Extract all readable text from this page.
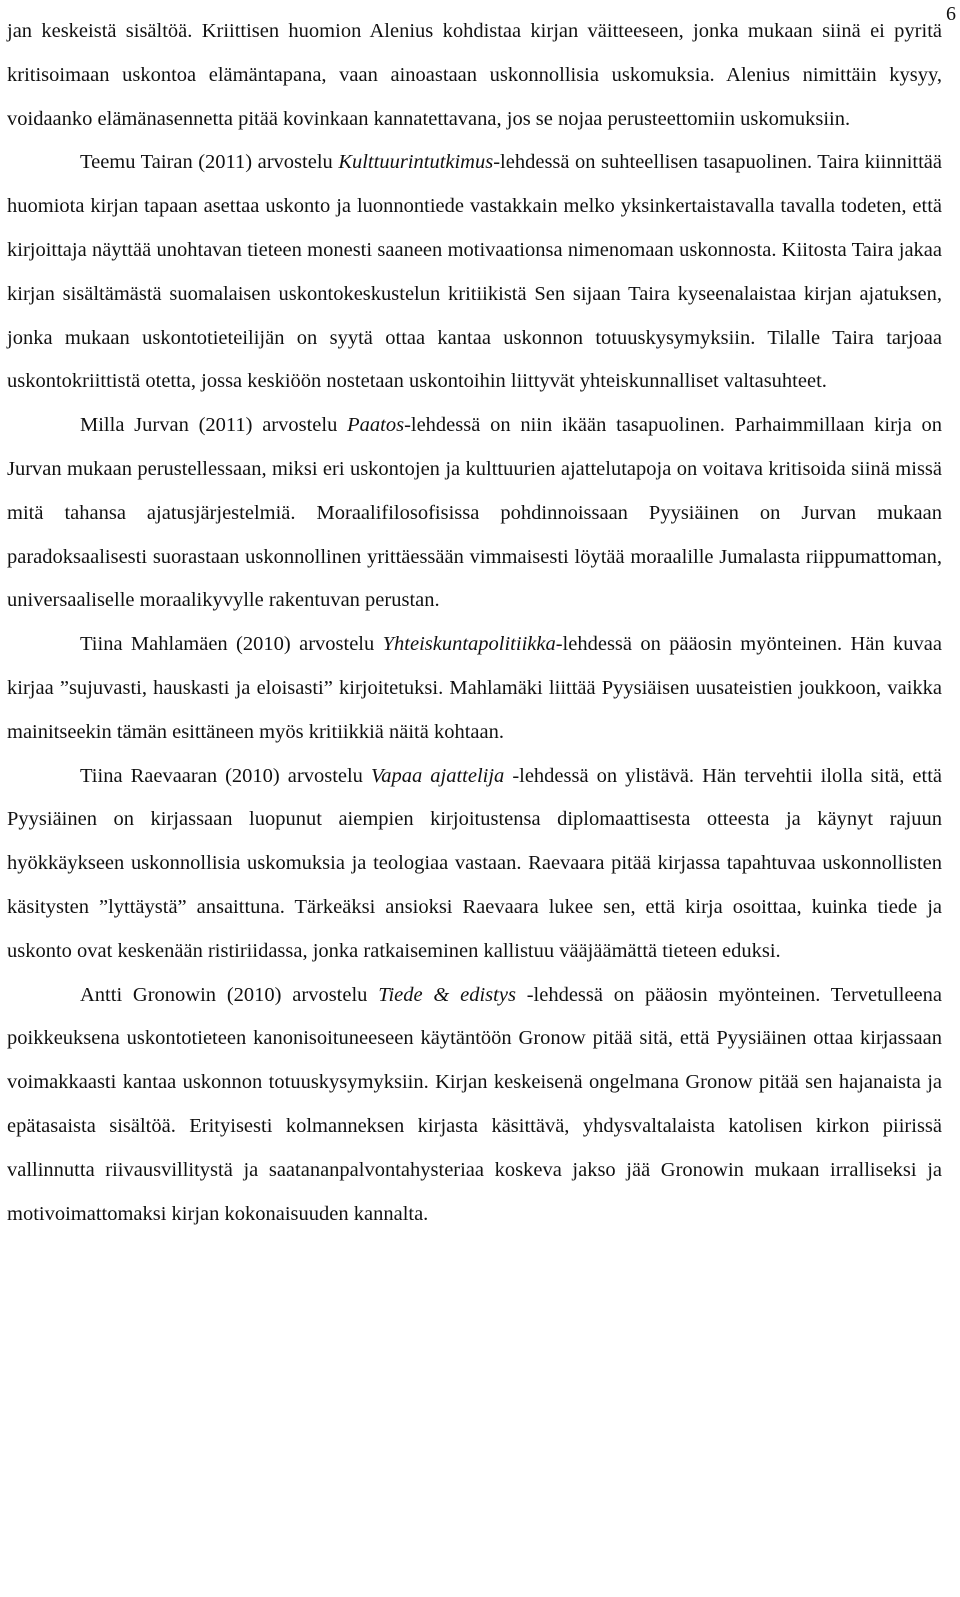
6

jan keskeistä sisältöä. Kriittisen huomion Alenius kohdistaa kirjan väitteeseen, jonka mukaan siinä ei pyritä kritisoimaan uskontoa elämäntapana, vaan ainoastaan uskonnollisia uskomuksia. Alenius nimittäin kysyy, voidaanko elämänasennetta pitää kovinkaan kannatettavana, jos se nojaa perusteettomiin uskomuksiin.

Teemu Tairan (2011) arvostelu Kulttuurintutkimus-lehdessä on suhteellisen tasapuolinen. Taira kiinnittää huomiota kirjan tapaan asettaa uskonto ja luonnontiede vastakkain melko yksinkertaistavalla tavalla todeten, että kirjoittaja näyttää unohtavan tieteen monesti saaneen motivaationsa nimenomaan uskonnosta. Kiitosta Taira jakaa kirjan sisältämästä suomalaisen uskontokeskustelun kritiikistä Sen sijaan Taira kyseenalaistaa kirjan ajatuksen, jonka mukaan uskontotieteilijän on syytä ottaa kantaa uskonnon totuuskysymyksiin. Tilalle Taira tarjoaa uskontokriittistä otetta, jossa keskiöön nostetaan uskontoihin liittyvät yhteiskunnalliset valtasuhteet.

Milla Jurvan (2011) arvostelu Paatos-lehdessä on niin ikään tasapuolinen. Parhaimmillaan kirja on Jurvan mukaan perustellessaan, miksi eri uskontojen ja kulttuurien ajattelutapoja on voitava kritisoida siinä missä mitä tahansa ajatusjärjestelmiä. Moraalifilosofisissa pohdinnoissaan Pyysiäinen on Jurvan mukaan paradoksaalisesti suorastaan uskonnollinen yrittäessään vimmaisesti löytää moraalille Jumalasta riippumattoman, universaaliselle moraalikyvylle rakentuvan perustan.

Tiina Mahlamäen (2010) arvostelu Yhteiskuntapolitiikka-lehdessä on pääosin myönteinen. Hän kuvaa kirjaa ”sujuvasti, hauskasti ja eloisasti” kirjoitetuksi. Mahlamäki liittää Pyysiäisen uusateistien joukkoon, vaikka mainitseekin tämän esittäneen myös kritiikkiä näitä kohtaan.

Tiina Raevaaran (2010) arvostelu Vapaa ajattelija -lehdessä on ylistävä. Hän tervehtii ilolla sitä, että Pyysiäinen on kirjassaan luopunut aiempien kirjoitustensa diplomaattisesta otteesta ja käynyt rajuun hyökkäykseen uskonnollisia uskomuksia ja teologiaa vastaan. Raevaara pitää kirjassa tapahtuvaa uskonnollisten käsitysten ”lyttäystä” ansaittuna. Tärkeäksi ansioksi Raevaara lukee sen, että kirja osoittaa, kuinka tiede ja uskonto ovat keskenään ristiriidassa, jonka ratkaiseminen kallistuu vääjäämättä tieteen eduksi.

Antti Gronowin (2010) arvostelu Tiede & edistys -lehdessä on pääosin myönteinen. Tervetulleena poikkeuksena uskontotieteen kanonisoituneeseen käytäntöön Gronow pitää sitä, että Pyysiäinen ottaa kirjassaan voimakkaasti kantaa uskonnon totuuskysymyksiin. Kirjan keskeisenä ongelmana Gronow pitää sen hajanaista ja epätasaista sisältöä. Erityisesti kolmanneksen kirjasta käsittävä, yhdysvaltalaista katolisen kirkon piirissä vallinnutta riivausvillitystä ja saatananpalvontahysteriaa koskeva jakso jää Gronowin mukaan irralliseksi ja motivoimattomaksi kirjan kokonaisuuden kannalta.
